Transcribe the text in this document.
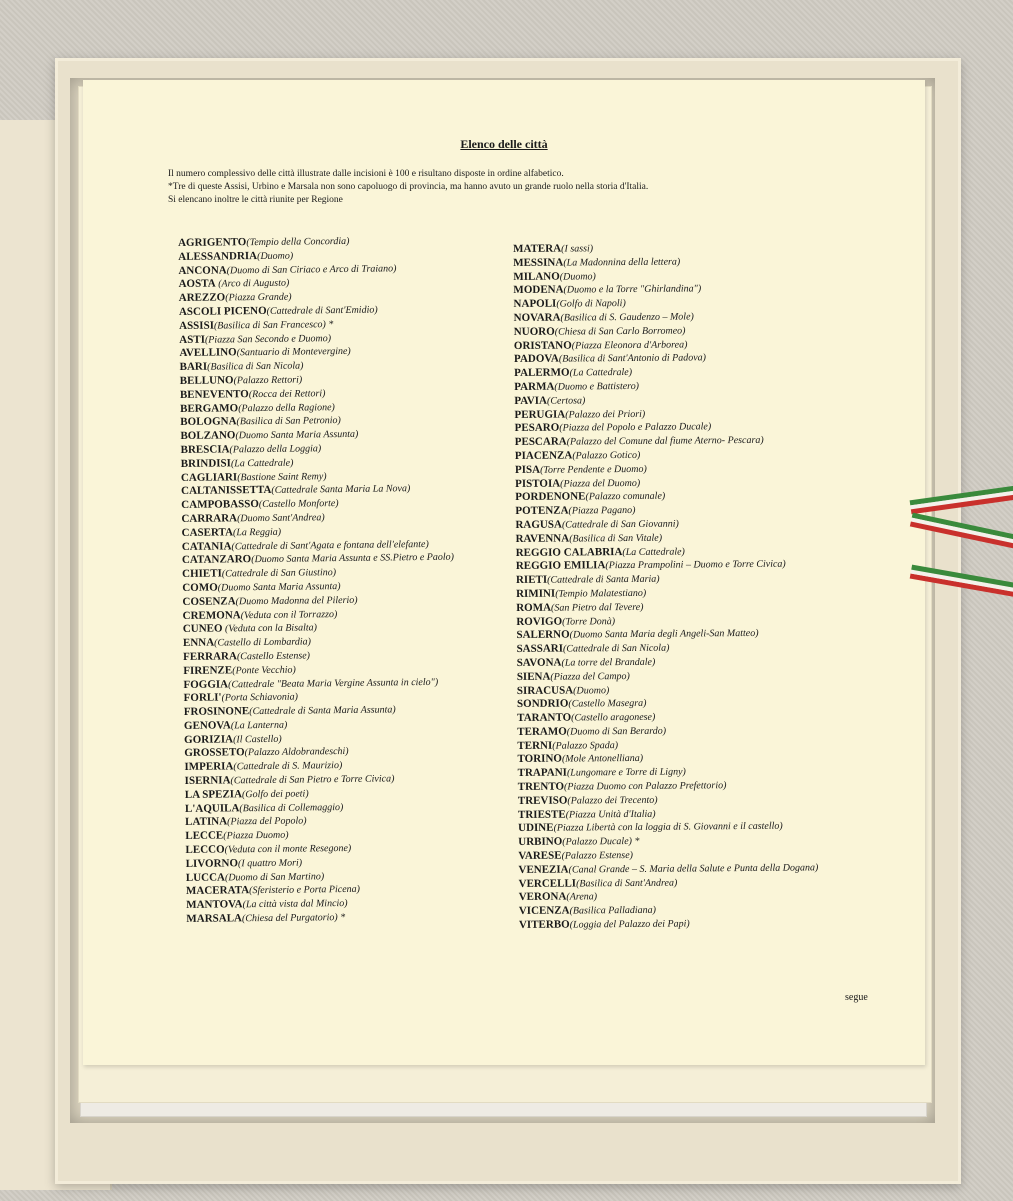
Elenco delle città
Il numero complessivo delle città illustrate dalle incisioni è 100 e risultano disposte in ordine alfabetico.
*Tre di queste Assisi, Urbino e Marsala non sono capoluogo di provincia, ma hanno avuto un grande ruolo nella storia d'Italia.
Si elencano inoltre le città riunite per Regione
AGRIGENTO(Tempio della Concordia)
ALESSANDRIA(Duomo)
ANCONA(Duomo di San Ciriaco e Arco di Traiano)
AOSTA (Arco di Augusto)
AREZZO(Piazza Grande)
ASCOLI PICENO(Cattedrale di Sant'Emidio)
ASSISI(Basilica di San Francesco) *
ASTI(Piazza San Secondo e Duomo)
AVELLINO(Santuario di Montevergine)
BARI(Basilica di San Nicola)
BELLUNO(Palazzo Rettori)
BENEVENTO(Rocca dei Rettori)
BERGAMO(Palazzo della Ragione)
BOLOGNA(Basilica di San Petronio)
BOLZANO(Duomo Santa Maria Assunta)
BRESCIA(Palazzo della Loggia)
BRINDISI(La Cattedrale)
CAGLIARI(Bastione Saint Remy)
CALTANISSETTA(Cattedrale Santa Maria La Nova)
CAMPOBASSO(Castello Monforte)
CARRARA(Duomo Sant'Andrea)
CASERTA(La Reggia)
CATANIA(Cattedrale di Sant'Agata e fontana dell'elefante)
CATANZARO(Duomo Santa Maria Assunta e SS.Pietro e Paolo)
CHIETI(Cattedrale di San Giustino)
COMO(Duomo Santa Maria Assunta)
COSENZA(Duomo Madonna del Pilerio)
CREMONA(Veduta con il Torrazzo)
CUNEO (Veduta con la Bisalta)
ENNA(Castello di Lombardia)
FERRARA(Castello Estense)
FIRENZE(Ponte Vecchio)
FOGGIA(Cattedrale "Beata Maria Vergine Assunta in cielo")
FORLI'(Porta Schiavonia)
FROSINONE(Cattedrale di Santa Maria Assunta)
GENOVA(La Lanterna)
GORIZIA(Il Castello)
GROSSETO(Palazzo Aldobrandeschi)
IMPERIA(Cattedrale di S. Maurizio)
ISERNIA(Cattedrale di San Pietro e Torre Civica)
LA SPEZIA(Golfo dei poeti)
L'AQUILA(Basilica di Collemaggio)
LATINA(Piazza del Popolo)
LECCE(Piazza Duomo)
LECCO(Veduta con il monte Resegone)
LIVORNO(I quattro Mori)
LUCCA(Duomo di San Martino)
MACERATA(Sferisterio e Porta Picena)
MANTOVA(La città vista dal Mincio)
MARSALA(Chiesa del Purgatorio) *
MATERA(I sassi)
MESSINA(La Madonnina della lettera)
MILANO(Duomo)
MODENA(Duomo e la Torre "Ghirlandina")
NAPOLI(Golfo di Napoli)
NOVARA(Basilica di S. Gaudenzo – Mole)
NUORO(Chiesa di San Carlo Borromeo)
ORISTANO(Piazza Eleonora d'Arborea)
PADOVA(Basilica di Sant'Antonio di Padova)
PALERMO(La Cattedrale)
PARMA(Duomo e Battistero)
PAVIA(Certosa)
PERUGIA(Palazzo dei Priori)
PESARO(Piazza del Popolo e Palazzo Ducale)
PESCARA(Palazzo del Comune dal fiume Aterno- Pescara)
PIACENZA(Palazzo Gotico)
PISA(Torre Pendente e Duomo)
PISTOIA(Piazza del Duomo)
PORDENONE(Palazzo comunale)
POTENZA(Piazza Pagano)
RAGUSA(Cattedrale di San Giovanni)
RAVENNA(Basilica di San Vitale)
REGGIO CALABRIA(La Cattedrale)
REGGIO EMILIA(Piazza Prampolini – Duomo e Torre Civica)
RIETI(Cattedrale di Santa Maria)
RIMINI(Tempio Malatestiano)
ROMA(San Pietro dal Tevere)
ROVIGO(Torre Donà)
SALERNO(Duomo Santa Maria degli Angeli-San Matteo)
SASSARI(Cattedrale di San Nicola)
SAVONA(La torre del Brandale)
SIENA(Piazza del Campo)
SIRACUSA(Duomo)
SONDRIO(Castello Masegra)
TARANTO(Castello aragonese)
TERAMO(Duomo di San Berardo)
TERNI(Palazzo Spada)
TORINO(Mole Antonelliana)
TRAPANI(Lungomare e Torre di Ligny)
TRENTO(Piazza Duomo con Palazzo Prefettorio)
TREVISO(Palazzo dei Trecento)
TRIESTE(Piazza Unità d'Italia)
UDINE(Piazza Libertà con la loggia di S. Giovanni e il castello)
URBINO(Palazzo Ducale) *
VARESE(Palazzo Estense)
VENEZIA(Canal Grande – S. Maria della Salute e Punta della Dogana)
VERCELLI(Basilica di Sant'Andrea)
VERONA(Arena)
VICENZA(Basilica Palladiana)
VITERBO(Loggia del Palazzo dei Papi)
segue
